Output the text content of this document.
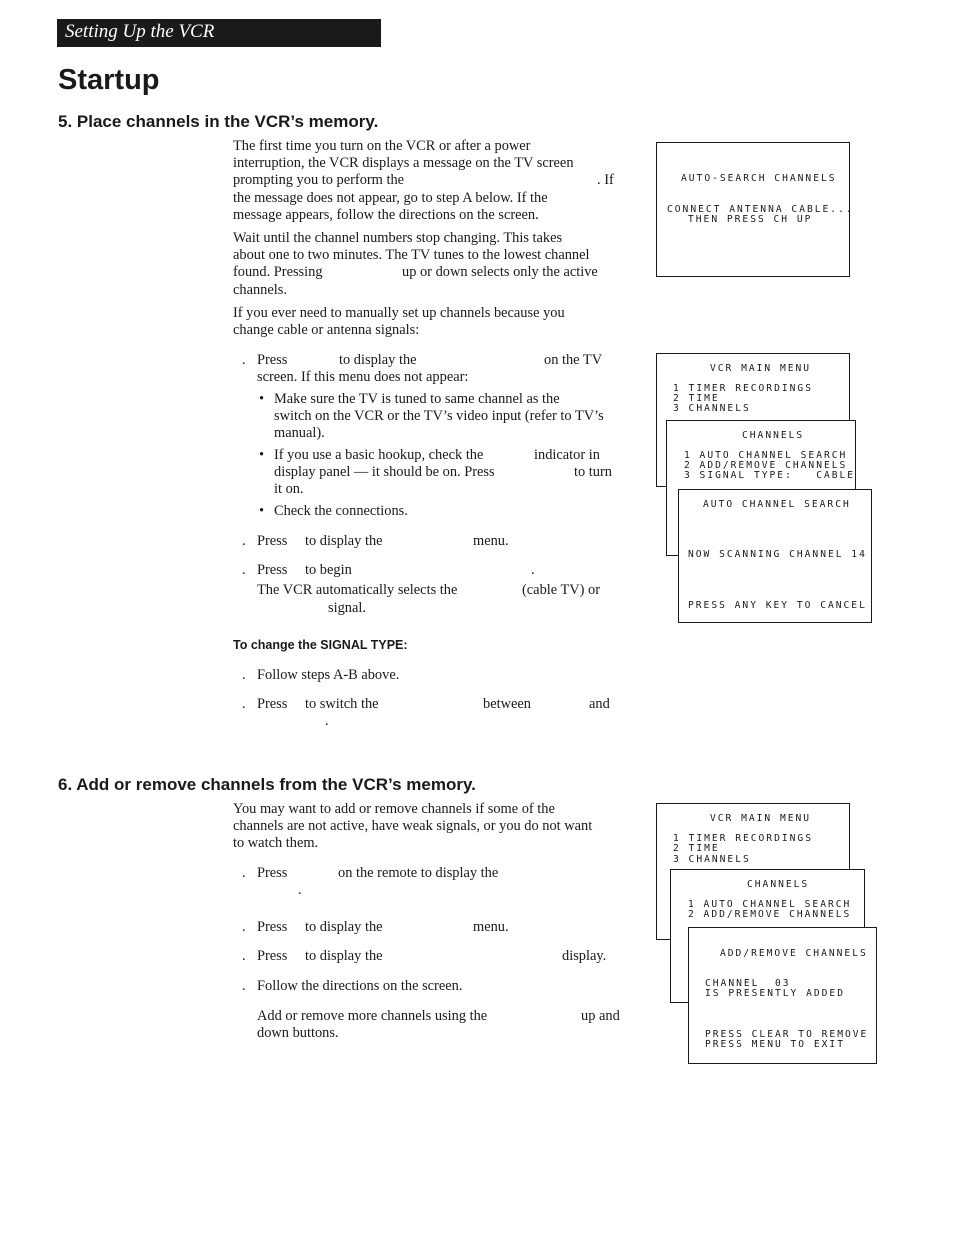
Setting Up the VCR
Startup
5. Place channels in the VCR’s memory.
The first time you turn on the VCR or after a power
interruption, the VCR displays a message on the TV screen
prompting you to perform the	. If
the message does not appear, go to step A below. If the
message appears, follow the directions on the screen.
Wait until the channel numbers stop changing. This takes
about one to two minutes. The TV tunes to the lowest channel
found. Pressing	up or down selects only the active
channels.
If you ever need to manually set up channels because you
change cable or antenna signals:
. Press	to display the	on the TV
screen. If this menu does not appear:
• Make sure the TV is tuned to same channel as the
switch on the VCR or the TV’s video input (refer to TV’s
manual).
• If you use a basic hookup, check the	indicator in
display panel — it should be on. Press	to turn
it on.
• Check the connections.
. Press to display the	menu.
. Press to begin	.
The VCR automatically selects the	(cable TV) or
signal.
To change the SIGNAL TYPE:
. Follow steps A-B above.
. Press to switch the	between	and
.
6. Add or remove channels from the VCR’s memory.
You may want to add or remove channels if some of the
channels are not active, have weak signals, or you do not want
to watch them.
. Press	on the remote to display the
.
. Press to display the	menu.
. Press to display the	display.
. Follow the directions on the screen.
Add or remove more channels using the	up and
down buttons.
AUTO-SEARCH CHANNELS
CONNECT ANTENNA CABLE...
THEN PRESS CH UP
VCR MAIN MENU
1 TIMER RECORDINGS
2 TIME
3 CHANNELS
CHANNELS
1 AUTO CHANNEL SEARCH
2 ADD/REMOVE CHANNELS
3 SIGNAL TYPE:   CABLE
AUTO CHANNEL SEARCH
NOW SCANNING CHANNEL 14
PRESS ANY KEY TO CANCEL
VCR MAIN MENU
1 TIMER RECORDINGS
2 TIME
3 CHANNELS
CHANNELS
1 AUTO CHANNEL SEARCH
2 ADD/REMOVE CHANNELS
ADD/REMOVE CHANNELS
CHANNEL  03
IS PRESENTLY ADDED
PRESS CLEAR TO REMOVE
PRESS MENU TO EXIT
